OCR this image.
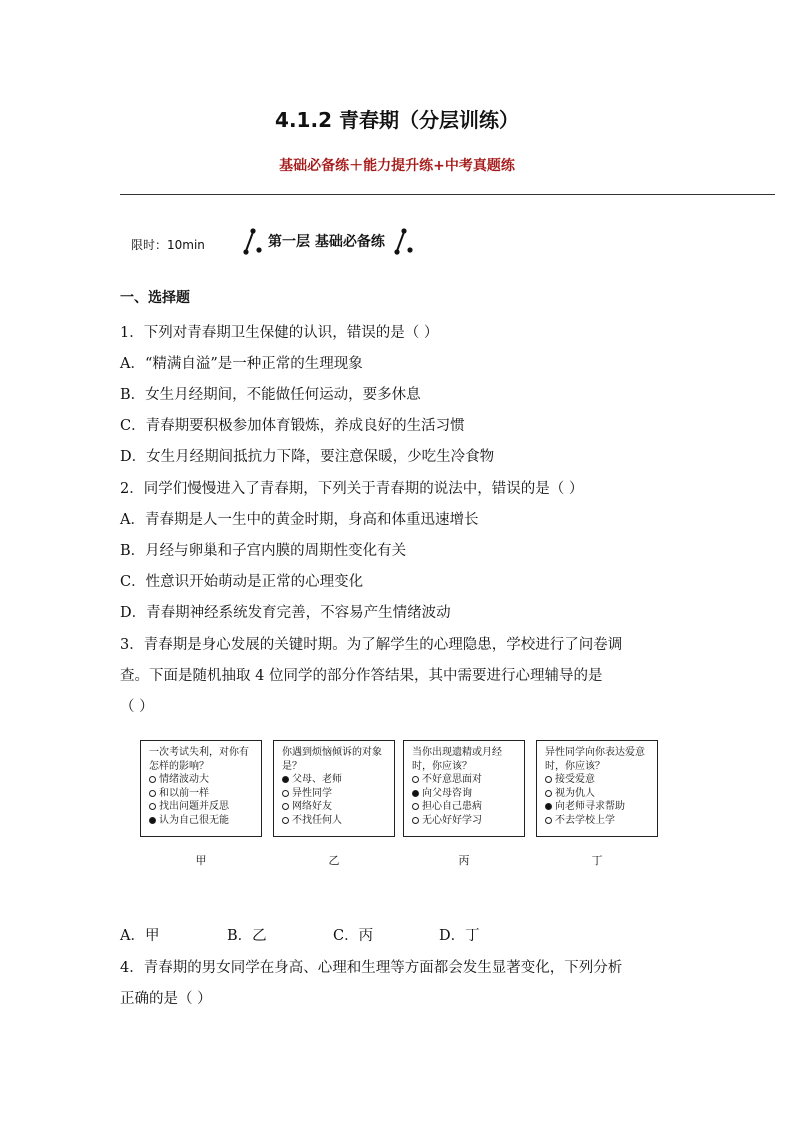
4.1.2 青春期（分层训练）
基础必备练＋能力提升练+中考真题练
限时：10min	第一层 基础必备练
一、选择题
1．下列对青春期卫生保健的认识，错误的是（ ）
A．“精满自溢”是一种正常的生理现象
B．女生月经期间，不能做任何运动，要多休息
C．青春期要积极参加体育锻炼，养成良好的生活习惯
D．女生月经期间抵抗力下降，要注意保暖，少吃生冷食物
2．同学们慢慢进入了青春期，下列关于青春期的说法中，错误的是（ ）
A．青春期是人一生中的黄金时期，身高和体重迅速增长
B．月经与卵巢和子宫内膜的周期性变化有关
C．性意识开始萌动是正常的心理变化
D．青春期神经系统发育完善，不容易产生情绪波动
3．青春期是身心发展的关键时期。为了解学生的心理隐患，学校进行了问卷调
查。下面是随机抽取 4 位同学的部分作答结果，其中需要进行心理辅导的是
（ ）
一次考试失利，对你有怎样的影响？
情绪波动大
和以前一样
找出问题并反思
认为自己很无能
你遇到烦恼倾诉的对象是？
父母、老师
异性同学
网络好友
不找任何人
当你出现遗精或月经时，你应该？
不好意思面对
向父母咨询
担心自己患病
无心好好学习
异性同学向你表达爱意时，你应该？
接受爱意
视为仇人
向老师寻求帮助
不去学校上学
甲	乙	丙	丁
A．甲	B．乙	C．丙	D．丁
4．青春期的男女同学在身高、心理和生理等方面都会发生显著变化，下列分析
正确的是（ ）
